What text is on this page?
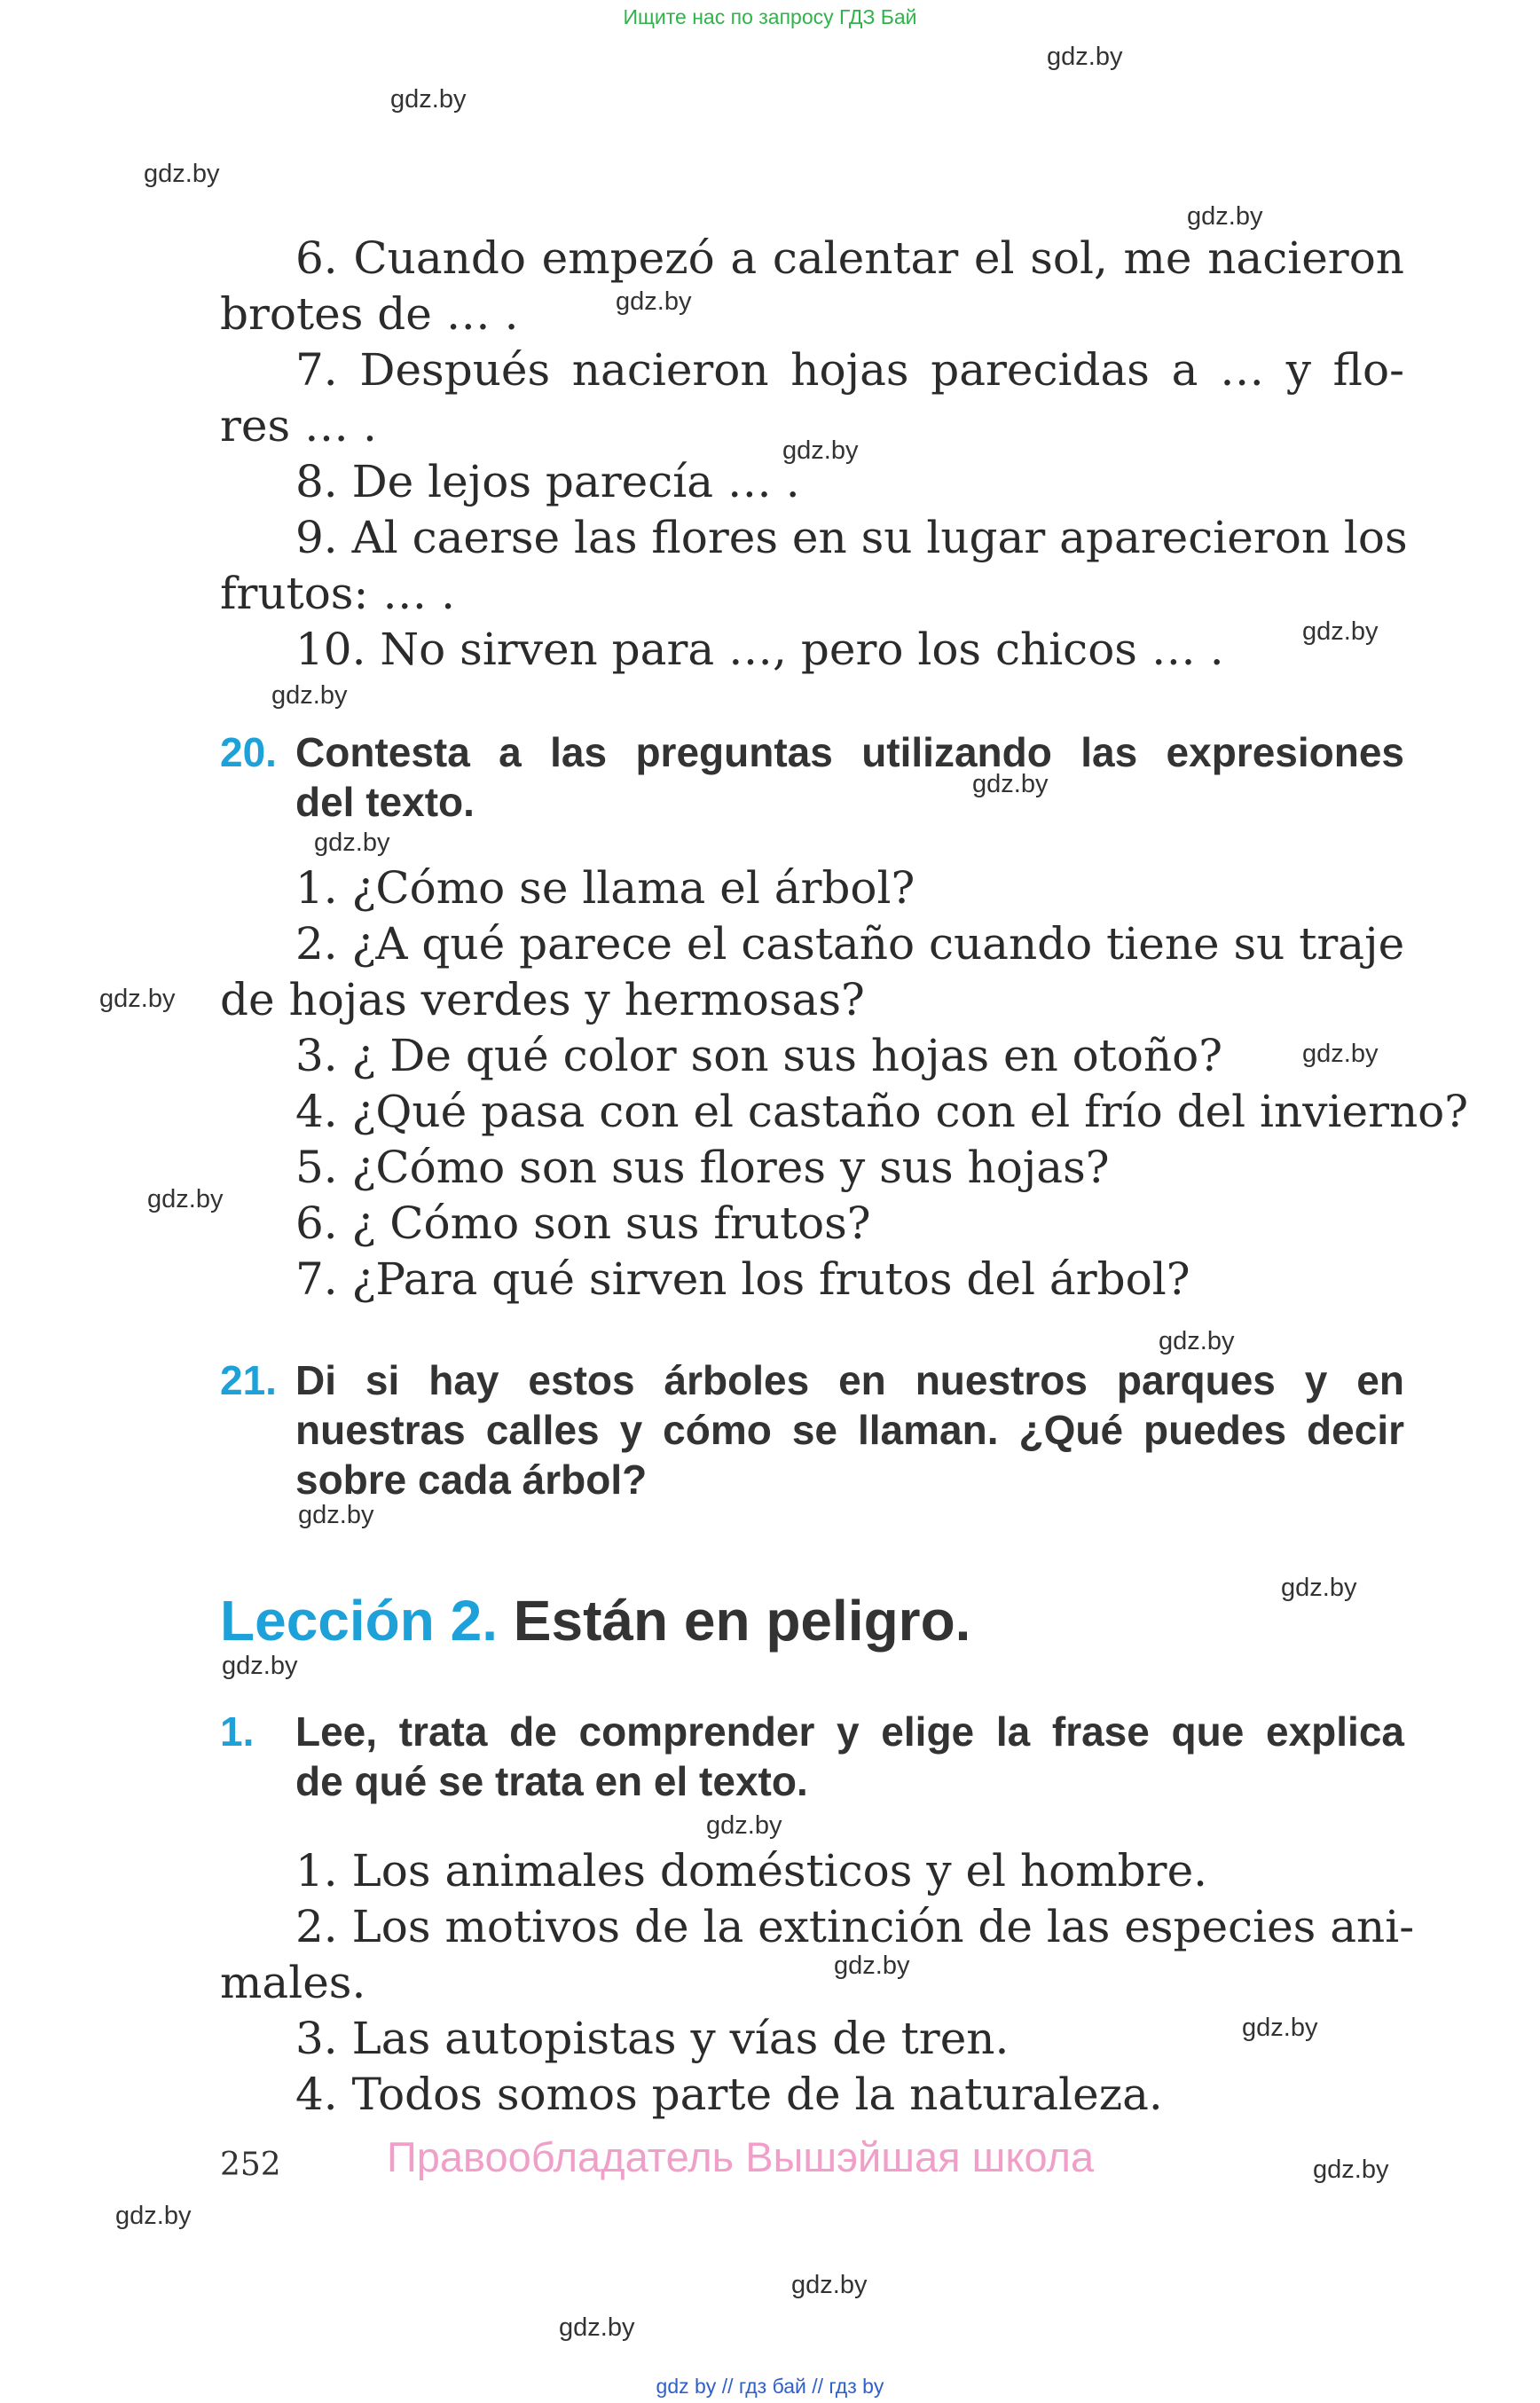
Ищите нас по запросу ГДЗ Бай
gdz.by
gdz.by
gdz.by
gdz.by
gdz.by
gdz.by
gdz.by
gdz.by
gdz.by
gdz.by
gdz.by
gdz.by
gdz.by
gdz.by
gdz.by
gdz.by
gdz.by
gdz.by
gdz.by
gdz.by
gdz.by
gdz.by
gdz.by
gdz.by
6. Cuando empezó a calentar el sol, me nacieron
brotes de … .
7. Después nacieron hojas parecidas a … y flo-
res … .
8. De lejos parecía … .
9. Al caerse las flores en su lugar aparecieron los
frutos: … .
10. No sirven para …, pero los chicos … .
20. Contesta a las preguntas utilizando las expresiones
del texto.
1. ¿Cómo se llama el árbol?
2. ¿A qué parece el castaño cuando tiene su traje
de hojas verdes y hermosas?
3. ¿ De qué color son sus hojas en otoño?
4. ¿Qué pasa con el castaño con el frío del invierno?
5. ¿Cómo son sus flores y sus hojas?
6. ¿ Cómo son sus frutos?
7. ¿Para qué sirven los frutos del árbol?
21. Di si hay estos árboles en nuestros parques y en
nuestras calles y cómo se llaman. ¿Qué puedes decir
sobre cada árbol?
Lección 2. Están en peligro.
1. Lee, trata de comprender y elige la frase que explica
de qué se trata en el texto.
1. Los animales domésticos y el hombre.
2. Los motivos de la extinción de las especies ani-
males.
3. Las autopistas y vías de tren.
4. Todos somos parte de la naturaleza.
252	Правообладатель Вышэйшая школа
gdz by // гдз бай // гдз by
